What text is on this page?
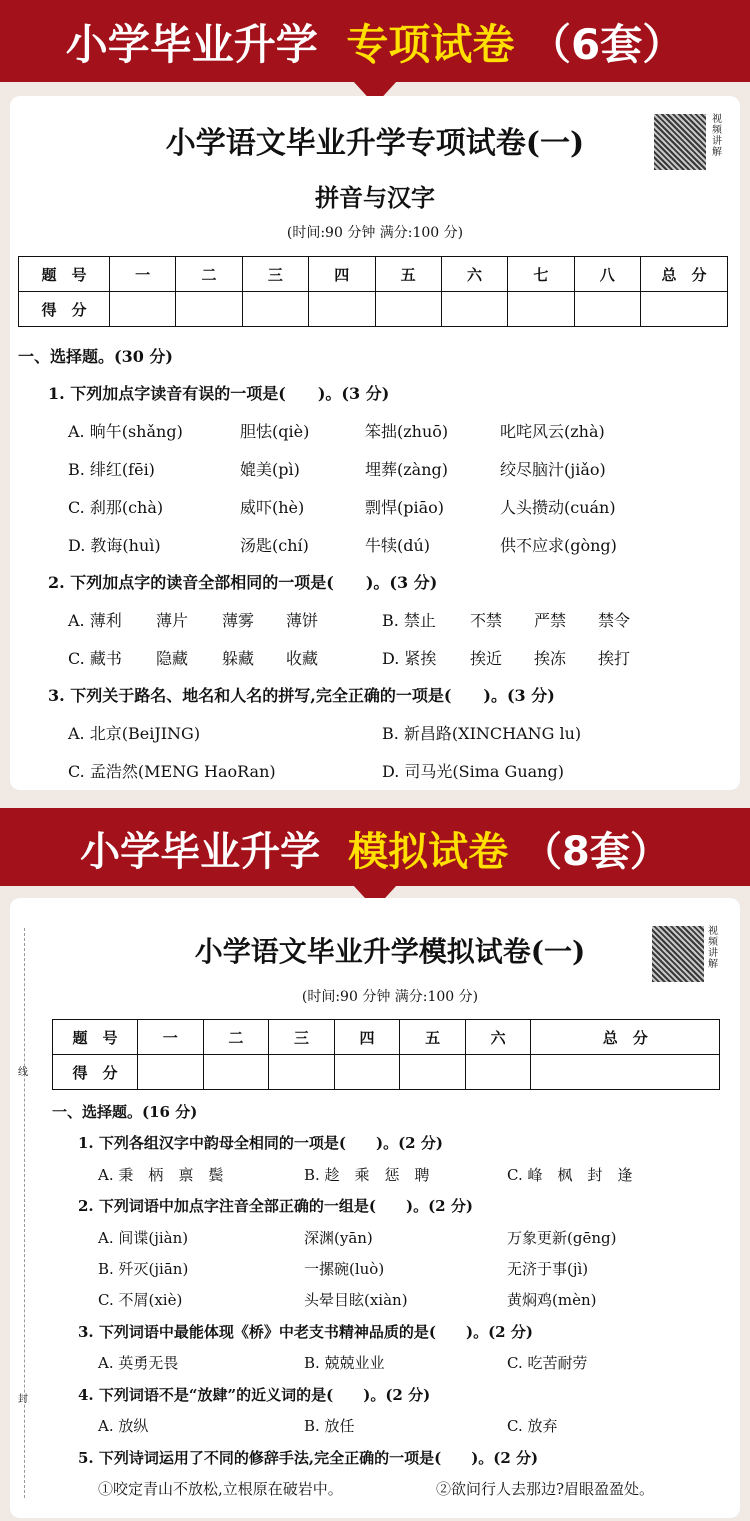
小学毕业升学 专项试卷 （6套）
小学语文毕业升学专项试卷(一)
拼音与汉字
(时间:90 分钟 满分:100 分)
视频讲解
题　号	一	二	三	四	五	六	七	八	总　分
得　分									
一、选择题。(30 分)
1. 下列加点字读音有误的一项是(　　)。(3 分)
A. 晌午(shǎng)	胆怯(qiè)	笨拙(zhuō)	叱咤风云(zhà)
B. 绯红(fēi)	媲美(pì)	埋葬(zàng)	绞尽脑汁(jiǎo)
C. 刹那(chà)	威吓(hè)	剽悍(piāo)	人头攒动(cuán)
D. 教诲(huì)	汤匙(chí)	牛犊(dú)	供不应求(gòng)
2. 下列加点字的读音全部相同的一项是(　　)。(3 分)
A. 薄利 薄片 薄雾 薄饼	B. 禁止 不禁 严禁 禁令
C. 藏书 隐藏 躲藏 收藏	D. 紧挨 挨近 挨冻 挨打
3. 下列关于路名、地名和人名的拼写,完全正确的一项是(　　)。(3 分)
A. 北京(BeiJING)	B. 新昌路(XINCHANG lu)
C. 孟浩然(MENG HaoRan)	D. 司马光(Sima Guang)
小学毕业升学 模拟试卷 （8套）
线
封
小学语文毕业升学模拟试卷(一)
(时间:90 分钟 满分:100 分)
视频讲解
题　号	一	二	三	四	五	六	总　分
得　分							
一、选择题。(16 分)
1. 下列各组汉字中韵母全相同的一项是(　　)。(2 分)
A. 秉　柄　禀　鬓	B. 趁　乘　惩　聘	C. 峰　枫　封　逢
2. 下列词语中加点字注音全部正确的一组是(　　)。(2 分)
A. 间谍(jiàn)	深渊(yān)	万象更新(gēng)
B. 歼灭(jiān)	一摞碗(luò)	无济于事(jì)
C. 不屑(xiè)	头晕目眩(xiàn)	黄焖鸡(mèn)
3. 下列词语中最能体现《桥》中老支书精神品质的是(　　)。(2 分)
A. 英勇无畏	B. 兢兢业业	C. 吃苦耐劳
4. 下列词语不是“放肆”的近义词的是(　　)。(2 分)
A. 放纵	B. 放任	C. 放弃
5. 下列诗词运用了不同的修辞手法,完全正确的一项是(　　)。(2 分)
①咬定青山不放松,立根原在破岩中。	②欲问行人去那边?眉眼盈盈处。
